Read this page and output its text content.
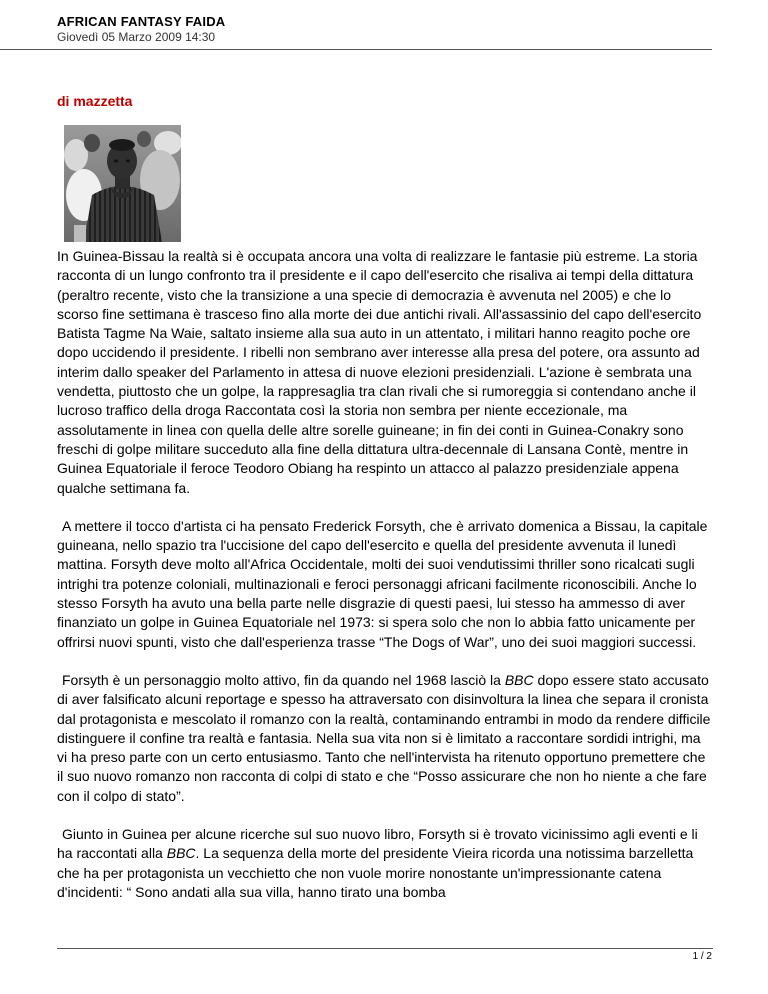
AFRICAN FANTASY FAIDA
Giovedì 05 Marzo 2009 14:30
di mazzetta

In Guinea-Bissau la realtà si è occupata ancora una volta di realizzare le fantasie più estreme. La storia racconta di un lungo confronto tra il presidente e il capo dell'esercito che risaliva ai tempi della dittatura (peraltro recente, visto che la transizione a una specie di democrazia è avvenuta nel 2005) e che lo scorso fine settimana è trasceso fino alla morte dei due antichi rivali. All'assassinio del capo dell'esercito Batista Tagme Na Waie, saltato insieme alla sua auto in un attentato, i militari hanno reagito poche ore dopo uccidendo il presidente. I ribelli non sembrano aver interesse alla presa del potere, ora assunto ad interim dallo speaker del Parlamento in attesa di nuove elezioni presidenziali. L'azione è sembrata una vendetta, piuttosto che un golpe, la rappresaglia tra clan rivali che si rumoreggia si contendano anche il lucroso traffico della droga Raccontata così la storia non sembra per niente eccezionale, ma assolutamente in linea con quella delle altre sorelle guineane; in fin dei conti in Guinea-Conakry sono freschi di golpe militare succeduto alla fine della dittatura ultra-decennale di Lansana Contè, mentre in Guinea Equatoriale il feroce Teodoro Obiang ha respinto un attacco al palazzo presidenziale appena qualche settimana fa.

A mettere il tocco d'artista ci ha pensato Frederick Forsyth, che è arrivato domenica a Bissau, la capitale guineana, nello spazio tra l'uccisione del capo dell'esercito e quella del presidente avvenuta il lunedì mattina. Forsyth deve molto all'Africa Occidentale, molti dei suoi vendutissimi thriller sono ricalcati sugli intrighi tra potenze coloniali, multinazionali e feroci personaggi africani facilmente riconoscibili. Anche lo stesso Forsyth ha avuto una bella parte nelle disgrazie di questi paesi, lui stesso ha ammesso di aver finanziato un golpe in Guinea Equatoriale nel 1973: si spera solo che non lo abbia fatto unicamente per offrirsi nuovi spunti, visto che dall'esperienza trasse “The Dogs of War”, uno dei suoi maggiori successi.

Forsyth è un personaggio molto attivo, fin da quando nel 1968 lasciò la BBC dopo essere stato accusato di aver falsificato alcuni reportage e spesso ha attraversato con disinvoltura la linea che separa il cronista dal protagonista e mescolato il romanzo con la realtà, contaminando entrambi in modo da rendere difficile distinguere il confine tra realtà e fantasia. Nella sua vita non si è limitato a raccontare sordidi intrighi, ma vi ha preso parte con un certo entusiasmo. Tanto che nell'intervista ha ritenuto opportuno premettere che il suo nuovo romanzo non racconta di colpi di stato e che “Posso assicurare che non ho niente a che fare con il colpo di stato”.

Giunto in Guinea per alcune ricerche sul suo nuovo libro, Forsyth si è trovato vicinissimo agli eventi e li ha raccontati alla BBC. La sequenza della morte del presidente Vieira ricorda una notissima barzelletta che ha per protagonista un vecchietto che non vuole morire nonostante un'impressionante catena d'incidenti: “ Sono andati alla sua villa, hanno tirato una bomba

1 / 2
